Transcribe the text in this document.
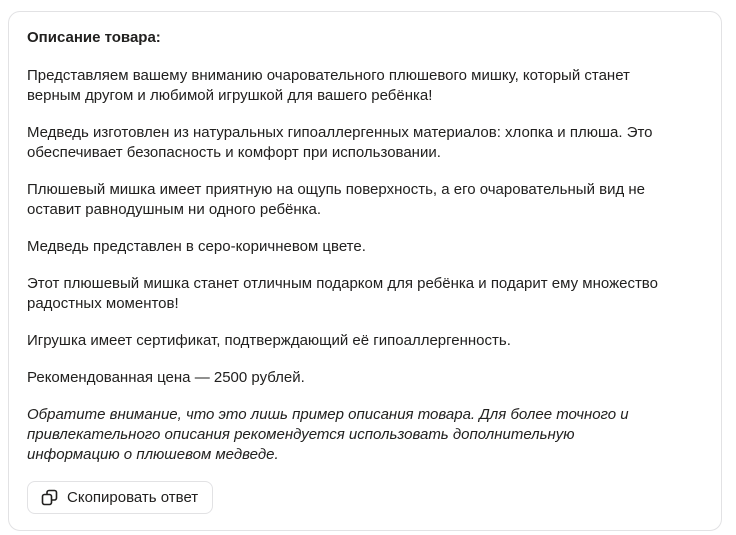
Описание товара:

Представляем вашему вниманию очаровательного плюшевого мишку, который станет верным другом и любимой игрушкой для вашего ребёнка!

Медведь изготовлен из натуральных гипоаллергенных материалов: хлопка и плюша. Это обеспечивает безопасность и комфорт при использовании.

Плюшевый мишка имеет приятную на ощупь поверхность, а его очаровательный вид не оставит равнодушным ни одного ребёнка.

Медведь представлен в серо-коричневом цвете.

Этот плюшевый мишка станет отличным подарком для ребёнка и подарит ему множество радостных моментов!

Игрушка имеет сертификат, подтверждающий её гипоаллергенность.

Рекомендованная цена — 2500 рублей.

Обратите внимание, что это лишь пример описания товара. Для более точного и привлекательного описания рекомендуется использовать дополнительную информацию о плюшевом медведе.

Скопировать ответ
